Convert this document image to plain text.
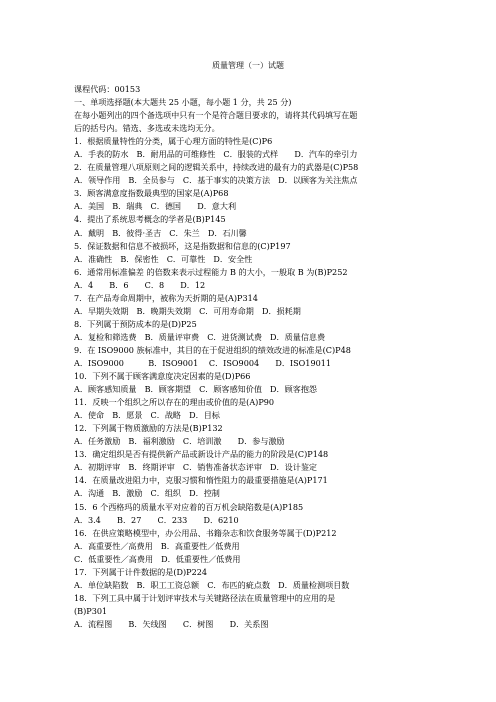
质量管理（一）试题
课程代码：00153
一、单项选择题(本大题共 25 小题，每小题 1 分，共 25 分)
在每小题列出的四个备选项中只有一个是符合题目要求的，请将其代码填写在题
后的括号内。错选、多选或未选均无分。
1．根据质量特性的分类，属于心理方面的特性是(C)P6
A．手表的防水　B．耐用品的可维修性　C．服装的式样　　D．汽车的牵引力
2．在质量管理八项原则之间的逻辑关系中，持续改进的最有力的武器是(C)P58
A．领导作用　B．全员参与　C．基于事实的决策方法　D．以顾客为关注焦点
3．顾客满意度指数最典型的国家是(A)P68
A．美国　B．瑞典　C．德国　　D．意大利
4．提出了系统思考概念的学者是(B)P145
A．戴明　B．彼得·圣吉　C．朱兰　D．石川馨
5．保证数据和信息不被损坏，这是指数据和信息的(C)P197
A．准确性　B．保密性　C．可靠性　D．安全性
6．通常用标准偏差 的倍数来表示过程能力 B 的大小，一般取 B 为(B)P252
A．4　　B．6　　C．8　　D．12
7．在产品寿命周期中，被称为天折期的是(A)P314
A．早期失效期　B．晚期失效期　C．可用寿命期　D．损耗期
8．下列属于预防成本的是(D)P25
A．复检和筛选费　B．质量评审费　C．进货测试费　D．质量信息费
9．在 ISO9000 族标准中，其目的在于促进组织的绩效改进的标准是(C)P48
A．ISO9000　　　B．ISO9001　 C．ISO9004　　D．ISO19011
10．下列不属于顾客满意度决定因素的是(D)P66
A．顾客感知质量　B．顾客期望　C．顾客感知价值　D．顾客抱怨
11．反映一个组织之所以存在的理由或价值的是(A)P90
A．使命　B．愿景　C．战略　D．目标
12．下列属于物质激励的方法是(B)P132
A．任务激励　B．福利激励　C．培训激　　D．参与激励
13．确定组织是否有提供新产品或新设计产品的能力的阶段是(C)P148
A．初期评审　B．终期评审　C．销售准备状态评审　D．设计鉴定
14．在质量改进阻力中，克服习惯和惰性阻力的最重要措施是(A)P171
A．沟通　B．激励　C．组织　D．控制
15．6 个西格玛的质量水平对应着的百万机会缺陷数是(A)P185
A．3.4　　B．27　　C．233　　D．6210
16．在供应策略模型中，办公用品、书籍杂志和饮食服务等属于(D)P212
A．高重要性／高费用　B．高重要性／低费用
C．低重要性／高费用　D．低重要性／低费用
17．下列属于计件数据的是(D)P224
A．单位缺陷数　B．职工工资总额　C．布匹的疵点数　D．质量检测项目数
18．下列工具中属于计划评审技术与关键路径法在质量管理中的应用的是
(B)P301
A．流程图　　B．矢线图　　C．树图　　D．关系图
